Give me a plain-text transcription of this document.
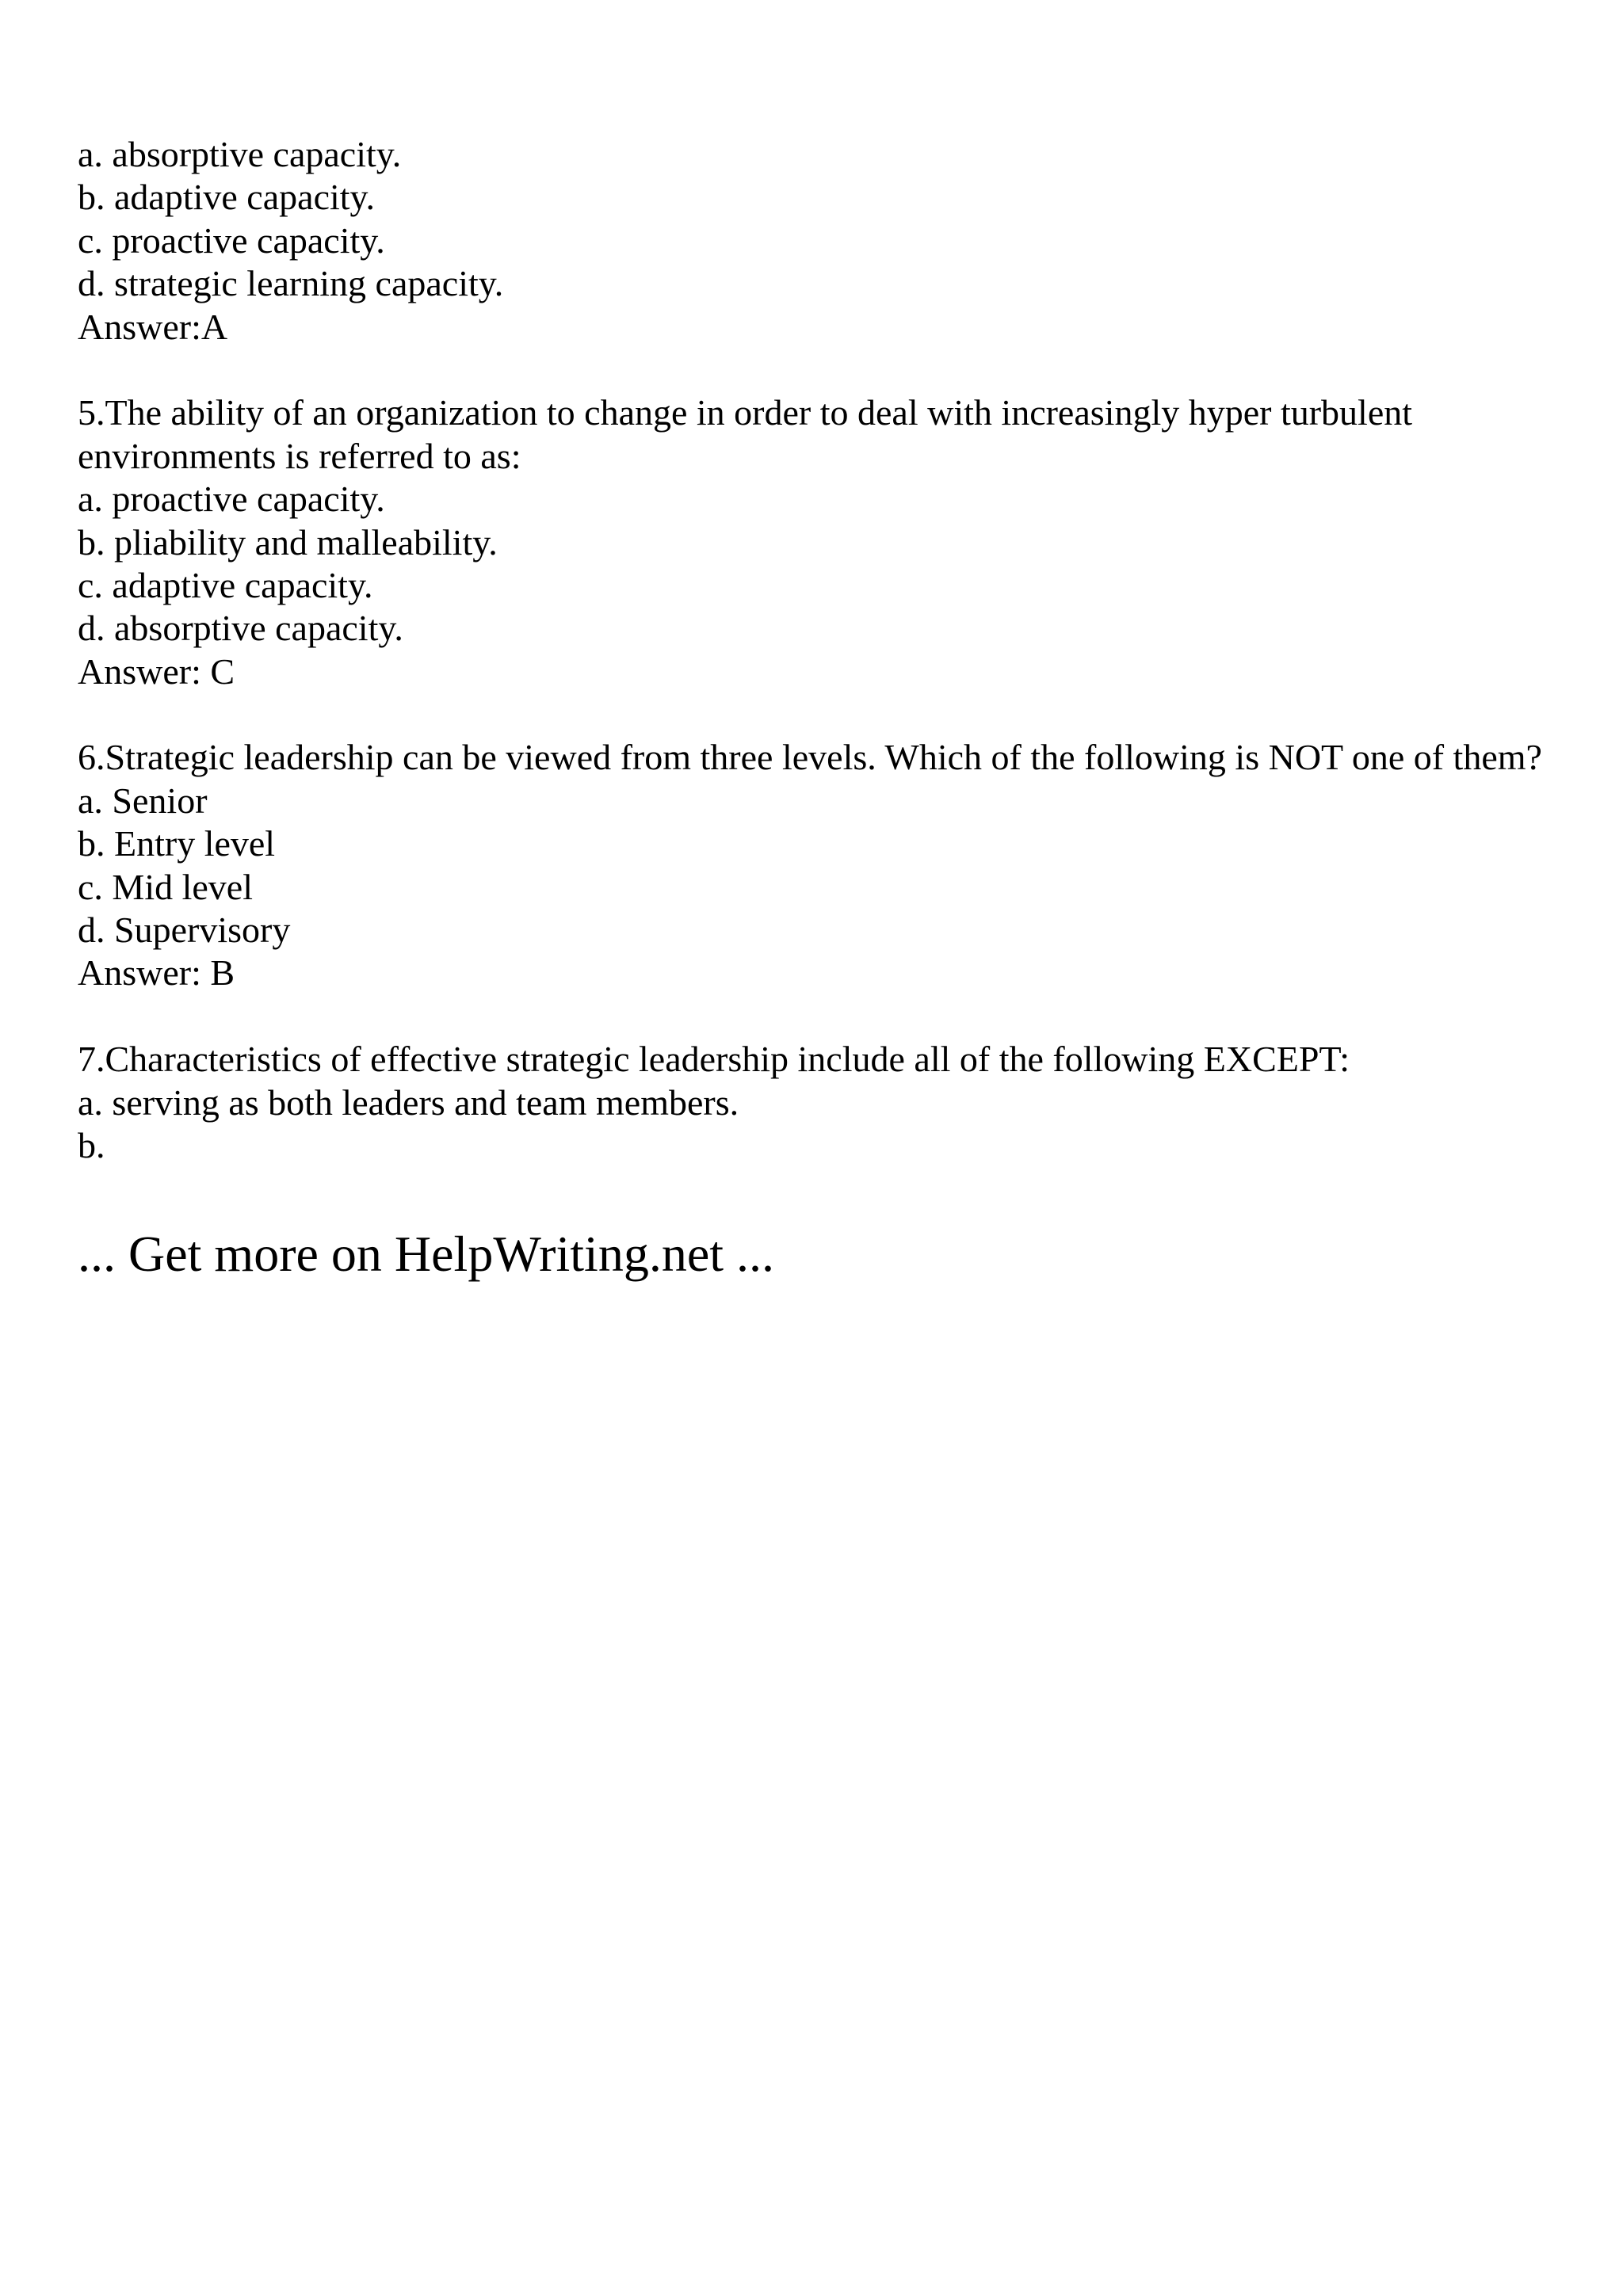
a. absorptive capacity.
b. adaptive capacity.
c. proactive capacity.
d. strategic learning capacity.
Answer:A
5.The ability of an organization to change in order to deal with increasingly hyper turbulent
environments is referred to as:
a. proactive capacity.
b. pliability and malleability.
c. adaptive capacity.
d. absorptive capacity.
Answer: C
6.Strategic leadership can be viewed from three levels. Which of the following is NOT one of them?
a. Senior
b. Entry level
c. Mid level
d. Supervisory
Answer: B
7.Characteristics of effective strategic leadership include all of the following EXCEPT:
a. serving as both leaders and team members.
b.
... Get more on HelpWriting.net ...
